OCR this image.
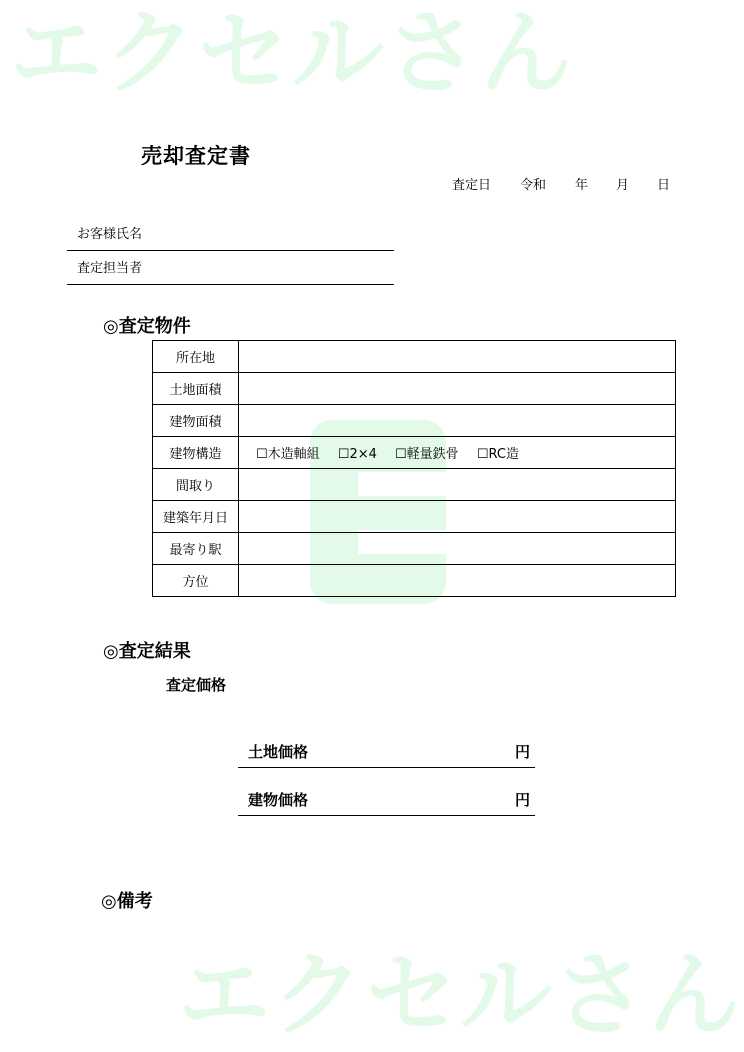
エクセルさん
エクセルさん
売却査定書
査定日	令和	年	月	日
お客様氏名
査定担当者
◎査定物件
所在地	
土地面積	
建物面積	
建物構造	☐木造軸組 ☐2×4 ☐軽量鉄骨 ☐RC造
間取り	
建築年月日	
最寄り駅	
方位	
◎査定結果
査定価格
土地価格	円
建物価格	円
◎備考
